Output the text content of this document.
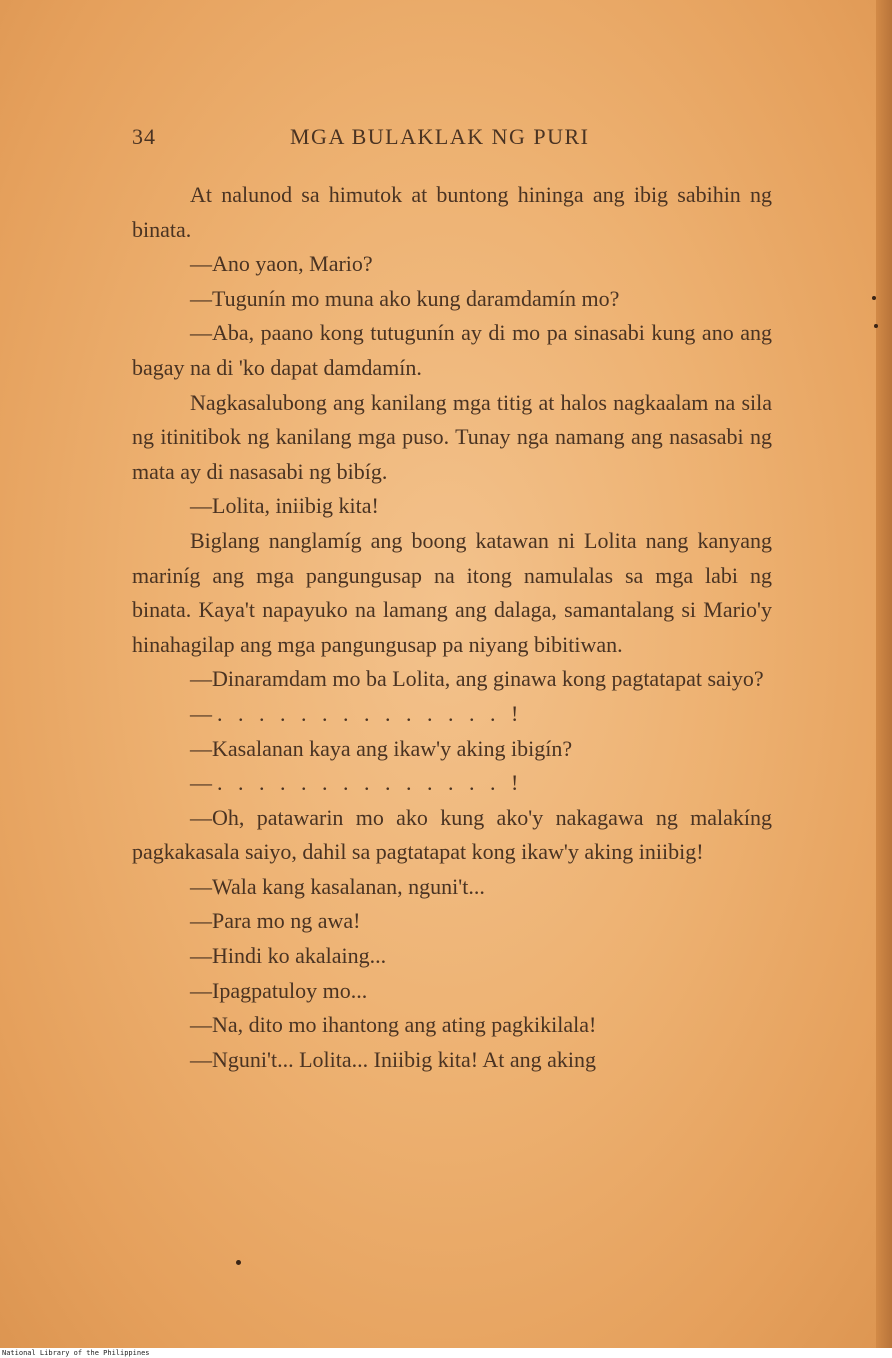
34	MGA BULAKLAK NG PURI

At nalunod sa himutok at buntong hininga ang ibig sabihin ng binata.

—Ano yaon, Mario?

—Tugunín mo muna ako kung daramdamín mo?

—Aba, paano kong tutugunín ay di mo pa sinasabi kung ano ang bagay na di 'ko dapat damdamín.

Nagkasalubong ang kanilang mga titig at halos nagkaalam na sila ng itinitibok ng kanilang mga puso. Tunay nga namang ang nasasabi ng mata ay di nasasabi ng bibíg.

—Lolita, iniibig kita!

Biglang nanglamíg ang boong katawan ni Lolita nang kanyang mariníg ang mga pangungusap na itong namulalas sa mga labi ng binata. Kaya't napayuko na lamang ang dalaga, samantalang si Mario'y hinahagilap ang mga pangungusap pa niyang bibitiwan.

—Dinaramdam mo ba Lolita, ang ginawa kong pagtatapat saiyo?

—. . . . . . . . . . . . . . !

—Kasalanan kaya ang ikaw'y aking ibigín?

—. . . . . . . . . . . . . . !

—Oh, patawarin mo ako kung ako'y nakagawa ng malakíng pagkakasala saiyo, dahil sa pagtatapat kong ikaw'y aking iniibig!

—Wala kang kasalanan, nguni't...

—Para mo ng awa!

—Hindi ko akalaing...

—Ipagpatuloy mo...

—Na, dito mo ihantong ang ating pagkikilala!

—Nguni't... Lolita... Iniibig kita! At ang aking

National Library of the Philippines
